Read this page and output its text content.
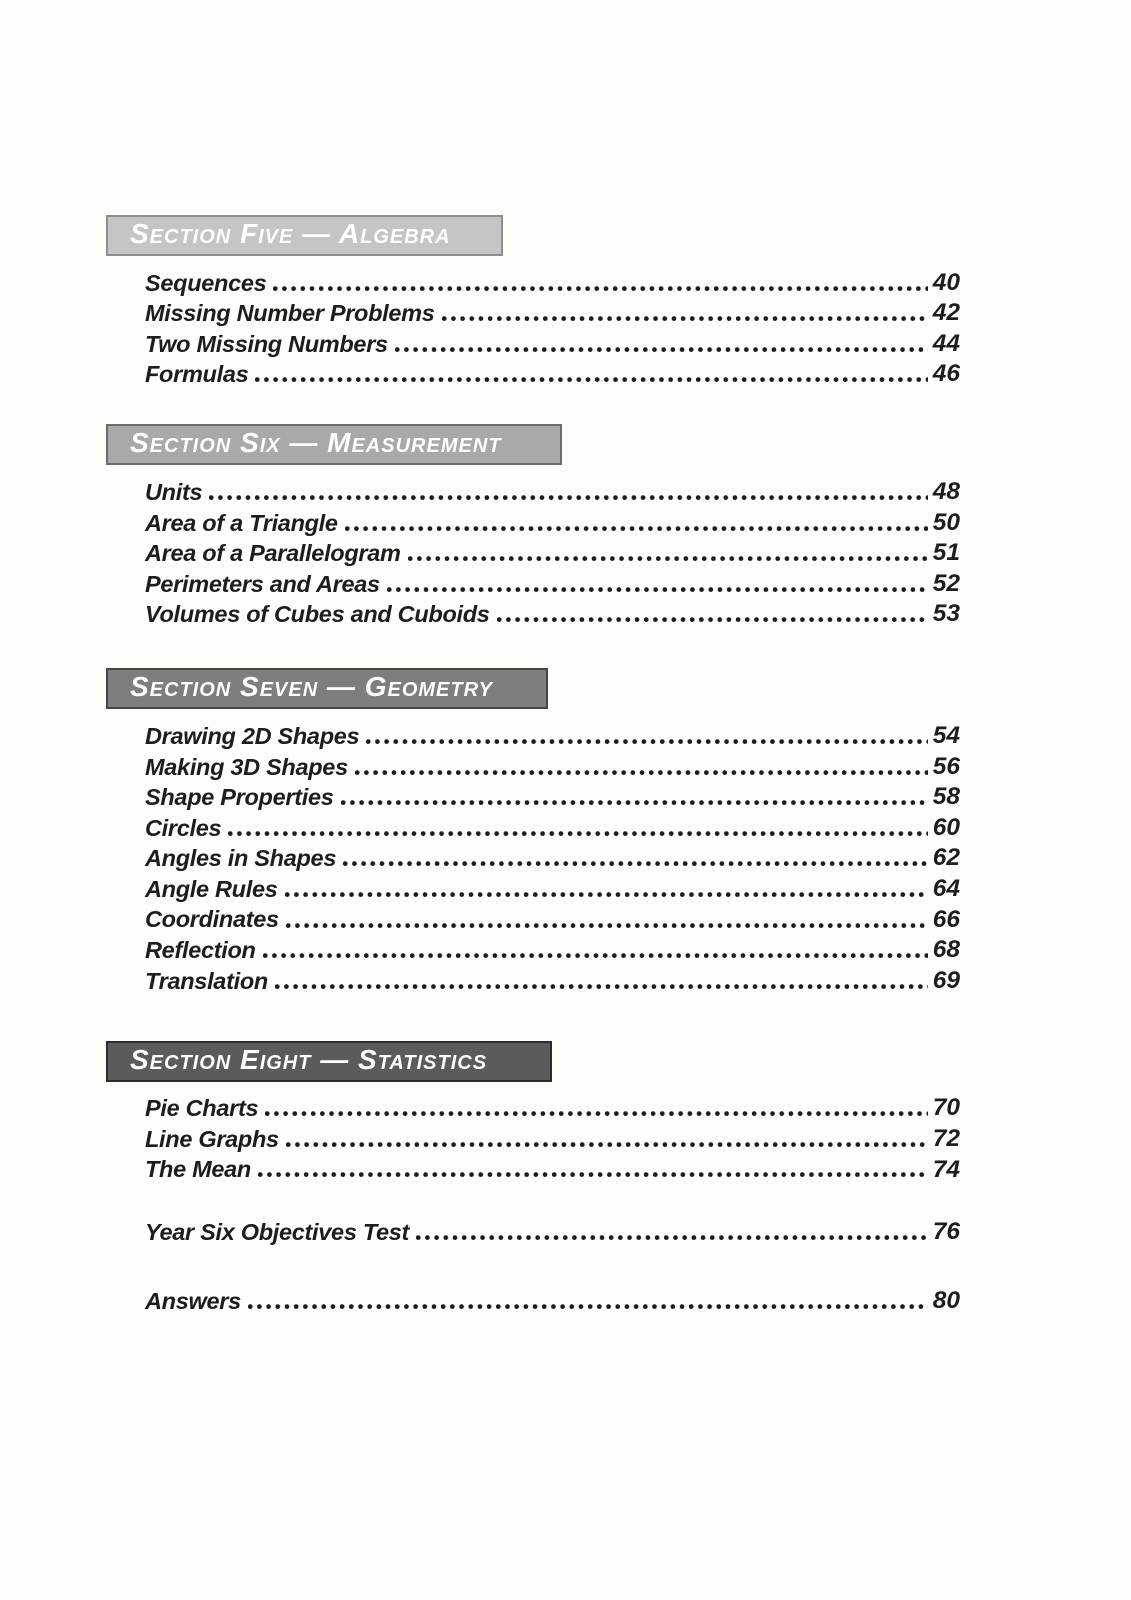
Section Five — Algebra
Sequences	40
Missing Number Problems	42
Two Missing Numbers	44
Formulas	46
Section Six — Measurement
Units	48
Area of a Triangle	50
Area of a Parallelogram	51
Perimeters and Areas	52
Volumes of Cubes and Cuboids	53
Section Seven — Geometry
Drawing 2D Shapes	54
Making 3D Shapes	56
Shape Properties	58
Circles	60
Angles in Shapes	62
Angle Rules	64
Coordinates	66
Reflection	68
Translation	69
Section Eight — Statistics
Pie Charts	70
Line Graphs	72
The Mean	74
Year Six Objectives Test	76
Answers	80
